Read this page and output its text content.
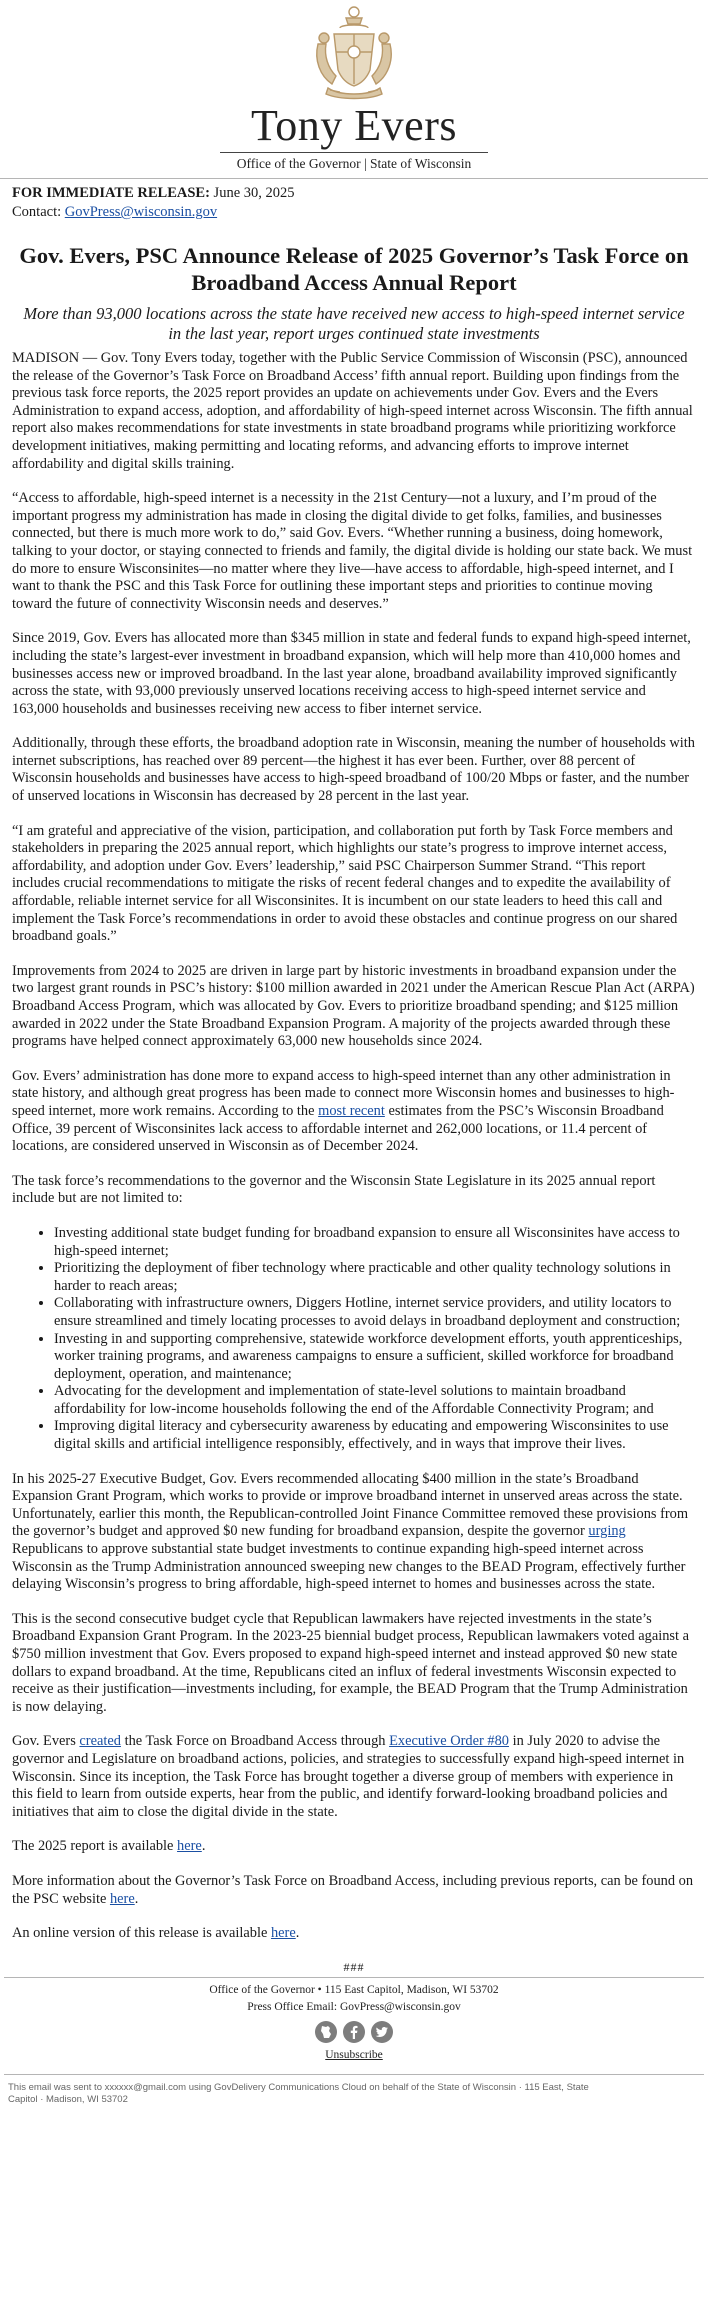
Tony Evers
Office of the Governor | State of Wisconsin
FOR IMMEDIATE RELEASE: June 30, 2025
Contact: GovPress@wisconsin.gov
Gov. Evers, PSC Announce Release of 2025 Governor’s Task Force on Broadband Access Annual Report
More than 93,000 locations across the state have received new access to high-speed internet service in the last year, report urges continued state investments

MADISON — Gov. Tony Evers today, together with the Public Service Commission of Wisconsin (PSC), announced the release of the Governor’s Task Force on Broadband Access’ fifth annual report. Building upon findings from the previous task force reports, the 2025 report provides an update on achievements under Gov. Evers and the Evers Administration to expand access, adoption, and affordability of high-speed internet across Wisconsin. The fifth annual report also makes recommendations for state investments in state broadband programs while prioritizing workforce development initiatives, making permitting and locating reforms, and advancing efforts to improve internet affordability and digital skills training.

“Access to affordable, high-speed internet is a necessity in the 21st Century—not a luxury, and I’m proud of the important progress my administration has made in closing the digital divide to get folks, families, and businesses connected, but there is much more work to do,” said Gov. Evers. “Whether running a business, doing homework, talking to your doctor, or staying connected to friends and family, the digital divide is holding our state back. We must do more to ensure Wisconsinites—no matter where they live—have access to affordable, high-speed internet, and I want to thank the PSC and this Task Force for outlining these important steps and priorities to continue moving toward the future of connectivity Wisconsin needs and deserves.”

Since 2019, Gov. Evers has allocated more than $345 million in state and federal funds to expand high-speed internet, including the state’s largest-ever investment in broadband expansion, which will help more than 410,000 homes and businesses access new or improved broadband. In the last year alone, broadband availability improved significantly across the state, with 93,000 previously unserved locations receiving access to high-speed internet service and 163,000 households and businesses receiving new access to fiber internet service.

Additionally, through these efforts, the broadband adoption rate in Wisconsin, meaning the number of households with internet subscriptions, has reached over 89 percent—the highest it has ever been. Further, over 88 percent of Wisconsin households and businesses have access to high-speed broadband of 100/20 Mbps or faster, and the number of unserved locations in Wisconsin has decreased by 28 percent in the last year.

“I am grateful and appreciative of the vision, participation, and collaboration put forth by Task Force members and stakeholders in preparing the 2025 annual report, which highlights our state’s progress to improve internet access, affordability, and adoption under Gov. Evers’ leadership,” said PSC Chairperson Summer Strand. “This report includes crucial recommendations to mitigate the risks of recent federal changes and to expedite the availability of affordable, reliable internet service for all Wisconsinites. It is incumbent on our state leaders to heed this call and implement the Task Force’s recommendations in order to avoid these obstacles and continue progress on our shared broadband goals.”

Improvements from 2024 to 2025 are driven in large part by historic investments in broadband expansion under the two largest grant rounds in PSC’s history: $100 million awarded in 2021 under the American Rescue Plan Act (ARPA) Broadband Access Program, which was allocated by Gov. Evers to prioritize broadband spending; and $125 million awarded in 2022 under the State Broadband Expansion Program. A majority of the projects awarded through these programs have helped connect approximately 63,000 new households since 2024.

Gov. Evers’ administration has done more to expand access to high-speed internet than any other administration in state history, and although great progress has been made to connect more Wisconsin homes and businesses to high-speed internet, more work remains. According to the most recent estimates from the PSC’s Wisconsin Broadband Office, 39 percent of Wisconsinites lack access to affordable internet and 262,000 locations, or 11.4 percent of locations, are considered unserved in Wisconsin as of December 2024.

The task force’s recommendations to the governor and the Wisconsin State Legislature in its 2025 annual report include but are not limited to:

• Investing additional state budget funding for broadband expansion to ensure all Wisconsinites have access to high-speed internet;
• Prioritizing the deployment of fiber technology where practicable and other quality technology solutions in harder to reach areas;
• Collaborating with infrastructure owners, Diggers Hotline, internet service providers, and utility locators to ensure streamlined and timely locating processes to avoid delays in broadband deployment and construction;
• Investing in and supporting comprehensive, statewide workforce development efforts, youth apprenticeships, worker training programs, and awareness campaigns to ensure a sufficient, skilled workforce for broadband deployment, operation, and maintenance;
• Advocating for the development and implementation of state-level solutions to maintain broadband affordability for low-income households following the end of the Affordable Connectivity Program; and
• Improving digital literacy and cybersecurity awareness by educating and empowering Wisconsinites to use digital skills and artificial intelligence responsibly, effectively, and in ways that improve their lives.

In his 2025-27 Executive Budget, Gov. Evers recommended allocating $400 million in the state’s Broadband Expansion Grant Program, which works to provide or improve broadband internet in unserved areas across the state. Unfortunately, earlier this month, the Republican-controlled Joint Finance Committee removed these provisions from the governor’s budget and approved $0 new funding for broadband expansion, despite the governor urging Republicans to approve substantial state budget investments to continue expanding high-speed internet across Wisconsin as the Trump Administration announced sweeping new changes to the BEAD Program, effectively further delaying Wisconsin’s progress to bring affordable, high-speed internet to homes and businesses across the state.

This is the second consecutive budget cycle that Republican lawmakers have rejected investments in the state’s Broadband Expansion Grant Program. In the 2023-25 biennial budget process, Republican lawmakers voted against a $750 million investment that Gov. Evers proposed to expand high-speed internet and instead approved $0 new state dollars to expand broadband. At the time, Republicans cited an influx of federal investments Wisconsin expected to receive as their justification—investments including, for example, the BEAD Program that the Trump Administration is now delaying.

Gov. Evers created the Task Force on Broadband Access through Executive Order #80 in July 2020 to advise the governor and Legislature on broadband actions, policies, and strategies to successfully expand high-speed internet in Wisconsin. Since its inception, the Task Force has brought together a diverse group of members with experience in this field to learn from outside experts, hear from the public, and identify forward-looking broadband policies and initiatives that aim to close the digital divide in the state.

The 2025 report is available here.

More information about the Governor’s Task Force on Broadband Access, including previous reports, can be found on the PSC website here.

An online version of this release is available here.

###
Office of the Governor • 115 East Capitol, Madison, WI 53702
Press Office Email: GovPress@wisconsin.gov
Unsubscribe
This email was sent to xxxxxx@gmail.com using GovDelivery Communications Cloud on behalf of the State of Wisconsin · 115 East, State Capitol · Madison, WI 53702
